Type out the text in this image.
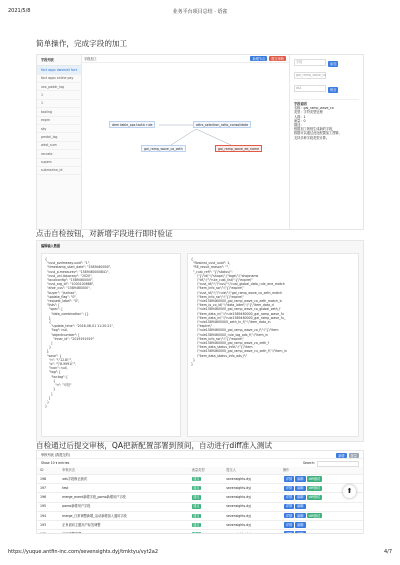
2021/5/8	业务平台项目总结 · 语雀
简单操作，完成字段的加工
字段列表
fact apps dwsmall fact
fact apps online pay
xxx_paddr_log
1
1
tooling
expm
sky
pmdel_log
wkst_sum
recrate
supers
submarine_id
字段加工	新增节点 提交审核
dem table_ops tactic rule	attrs_selection_ratio_consolidate
gai_ramp_wave_co_zeth	gai_ramp_wave_ed_name
字段	添加
gai_ramp_wave_co
ds1	保存
字段说明
名称：gai_ramp_wave_co
类型：字符类型处理
人数：1
流量：0
描述：
根据加工规则生成新的字段，
数据可以通过此处配置加工逻辑，
支持多种字段类型计算。
点击自检按钮，对新增字段进行即时验证
编辑输入数据
{
"cust_pvdmeasy.uuid": "1",
"timestamp_start_date": "1589460000",
"cust_p.measurev": "1589460000841",
"cust_uni.liquorary": "2020",
"localconfig": "1589460000",
"cust_org_id": "1000100688",
"ahdr_cus": "1589460000",
"buyer": "jiuchao",
"update_flag": "0",
"request_label": "0",
"lists": [
"spec": [
"data_combination": {}
],
{
"update_time": "2016-06-01 11:20:21",
"tag": null,
"objectnumber": [
"inner_id": "2019191919"
]
}
],
"save": {
"n": "\"12.8\"",
"o": "\"8.9991\"",
"icon": null,
"tag": [
"tar.tag": [
{
"n": "可信"
}
]
]
}
}
{
"flowinst_cust_uuid": 1,
"RE_result_reason": "",
"_cust_refi": "{\"status\":
\"{\"id\":\"shops\",\"tags\":\"shopname
\"id\":\"\"rule_cust_list\":{\"expire\"
\"cust_id\":\"\"cus\":\"cust_global_data_rule_one_match
\"item_info_ssr\":\"{\"expire\"
\"cust_id\":\"\"rule\":\"gai_ramp_wave_co_zeth_match
\"item_info_ssr\":\"{\"expire\"
\"rule1589460000_gai_ramp_wave_co_zeth_match_b
\"item_io_co_id\":\"data_later\":\"{\"item_data_d
\"rule1589460000_gai_ramp_wave_co_global_zeth_f
\"item_data_in\":\"rule1589460000_gai_ramp_wave_fu
\"item_data_in\":\"rule1589460000_gai_ramp_wave_fu_
\"rule15894600000_zeth_tc_f\":\"item_data_in
\"expire\"
\"rule1589460000_gai_ramp_wave_co_f\":\"{\"item
\"rule1589460000_rule_log_ads_f\":\"item_in
\"item_info_ssr\":\"{\"expire\"
\"rule1589460000_gai_ramp_wave_co_zeth_f
\"item_data_status_info\":\"{\"item
\"rule1589460000_gai_ramp_wave_cu_zeth_f\":\"item_in
\"item_data_status_info_ads_f\"
}
}
自检通过后提交审核，QA把新配置部署到预间，自动进行diff准入测试
审核列表 (我提交的)	新增 批量
Show 10 ▾ entries	Search:
ID	审核状态	流量类型	提交人	操作
198	xds字段修正测试	通过	sevensights.dyj	详情 编辑 diff测试
197	test	通过	sevensights.dyj	详情 编辑 diff测试
196	merge_event新增字段_pomo新增用户字段	通过	sevensights.dyj	详情 编辑 diff测试
195	pomo新增用户字段	通过	sevensights.dyj	详情 编辑
194	merge_日常调整新增_活动新增加入通用字段	通过	sevensights.dyj	详情 编辑 diff测试
193	正负面向主题用户标签调整	通过	sevensights.dyj	详情 编辑
192	应用调整配置	通过	sevensights.dyj	详情 编辑
⬆
https://yuque.antfin-inc.com/sevensights.dyj/tmktyu/vyt2a2	4/7
